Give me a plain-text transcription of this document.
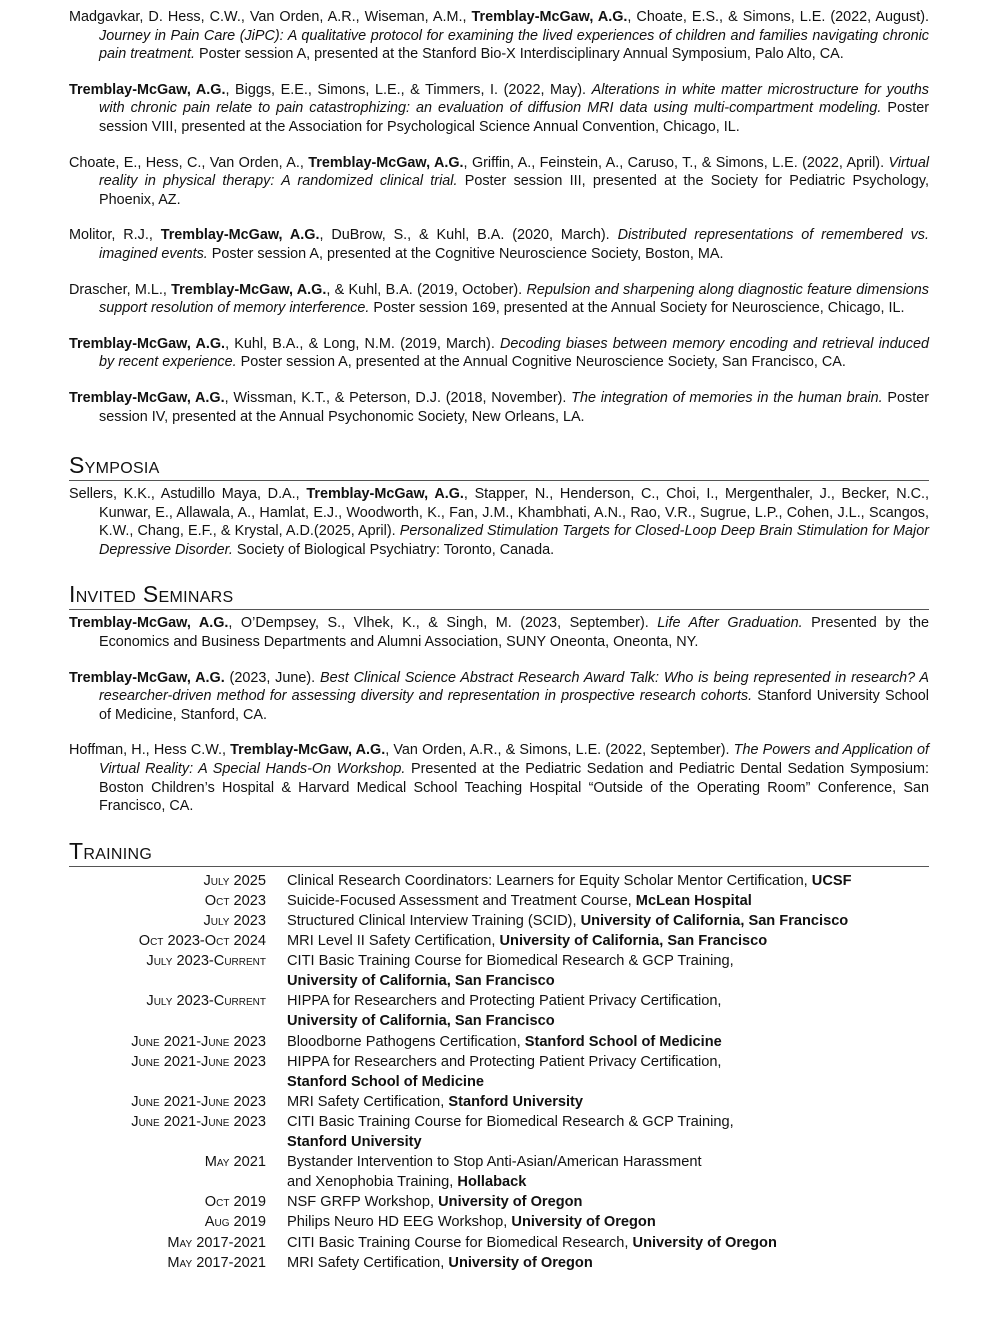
Madgavkar, D. Hess, C.W., Van Orden, A.R., Wiseman, A.M., Tremblay-McGaw, A.G., Choate, E.S., & Simons, L.E. (2022, August). Journey in Pain Care (JiPC): A qualitative protocol for examining the lived experiences of children and families navigating chronic pain treatment. Poster session A, presented at the Stanford Bio-X Interdisciplinary Annual Symposium, Palo Alto, CA.

Tremblay-McGaw, A.G., Biggs, E.E., Simons, L.E., & Timmers, I. (2022, May). Alterations in white matter microstructure for youths with chronic pain relate to pain catastrophizing: an evaluation of diffusion MRI data using multi-compartment modeling. Poster session VIII, presented at the Association for Psychological Science Annual Convention, Chicago, IL.

Choate, E., Hess, C., Van Orden, A., Tremblay-McGaw, A.G., Griffin, A., Feinstein, A., Caruso, T., & Simons, L.E. (2022, April). Virtual reality in physical therapy: A randomized clinical trial. Poster session III, presented at the Society for Pediatric Psychology, Phoenix, AZ.

Molitor, R.J., Tremblay-McGaw, A.G., DuBrow, S., & Kuhl, B.A. (2020, March). Distributed representations of remembered vs. imagined events. Poster session A, presented at the Cognitive Neuroscience Society, Boston, MA.

Drascher, M.L., Tremblay-McGaw, A.G., & Kuhl, B.A. (2019, October). Repulsion and sharpening along diagnostic feature dimensions support resolution of memory interference. Poster session 169, presented at the Annual Society for Neuroscience, Chicago, IL.

Tremblay-McGaw, A.G., Kuhl, B.A., & Long, N.M. (2019, March). Decoding biases between memory encoding and retrieval induced by recent experience. Poster session A, presented at the Annual Cognitive Neuroscience Society, San Francisco, CA.

Tremblay-McGaw, A.G., Wissman, K.T., & Peterson, D.J. (2018, November). The integration of memories in the human brain. Poster session IV, presented at the Annual Psychonomic Society, New Orleans, LA.

Symposia

Sellers, K.K., Astudillo Maya, D.A., Tremblay-McGaw, A.G., Stapper, N., Henderson, C., Choi, I., Mergenthaler, J., Becker, N.C., Kunwar, E., Allawala, A., Hamlat, E.J., Woodworth, K., Fan, J.M., Khambhati, A.N., Rao, V.R., Sugrue, L.P., Cohen, J.L., Scangos, K.W., Chang, E.F., & Krystal, A.D.(2025, April). Personalized Stimulation Targets for Closed-Loop Deep Brain Stimulation for Major Depressive Disorder. Society of Biological Psychiatry: Toronto, Canada.

Invited Seminars

Tremblay-McGaw, A.G., O’Dempsey, S., Vlhek, K., & Singh, M. (2023, September). Life After Graduation. Presented by the Economics and Business Departments and Alumni Association, SUNY Oneonta, Oneonta, NY.

Tremblay-McGaw, A.G. (2023, June). Best Clinical Science Abstract Research Award Talk: Who is being represented in research? A researcher-driven method for assessing diversity and representation in prospective research cohorts. Stanford University School of Medicine, Stanford, CA.

Hoffman, H., Hess C.W., Tremblay-McGaw, A.G., Van Orden, A.R., & Simons, L.E. (2022, September). The Powers and Application of Virtual Reality: A Special Hands-On Workshop. Presented at the Pediatric Sedation and Pediatric Dental Sedation Symposium: Boston Children’s Hospital & Harvard Medical School Teaching Hospital “Outside of the Operating Room” Conference, San Francisco, CA.

Training
July 2025	Clinical Research Coordinators: Learners for Equity Scholar Mentor Certification, UCSF
Oct 2023	Suicide-Focused Assessment and Treatment Course, McLean Hospital
July 2023	Structured Clinical Interview Training (SCID), University of California, San Francisco
Oct 2023-Oct 2024	MRI Level II Safety Certification, University of California, San Francisco
July 2023-Current	CITI Basic Training Course for Biomedical Research & GCP Training,
	University of California, San Francisco
July 2023-Current	HIPPA for Researchers and Protecting Patient Privacy Certification,
	University of California, San Francisco
June 2021-June 2023	Bloodborne Pathogens Certification, Stanford School of Medicine
June 2021-June 2023	HIPPA for Researchers and Protecting Patient Privacy Certification,
	Stanford School of Medicine
June 2021-June 2023	MRI Safety Certification, Stanford University
June 2021-June 2023	CITI Basic Training Course for Biomedical Research & GCP Training,
	Stanford University
May 2021	Bystander Intervention to Stop Anti-Asian/American Harassment
	and Xenophobia Training, Hollaback
Oct 2019	NSF GRFP Workshop, University of Oregon
Aug 2019	Philips Neuro HD EEG Workshop, University of Oregon
May 2017-2021	CITI Basic Training Course for Biomedical Research, University of Oregon
May 2017-2021	MRI Safety Certification, University of Oregon
